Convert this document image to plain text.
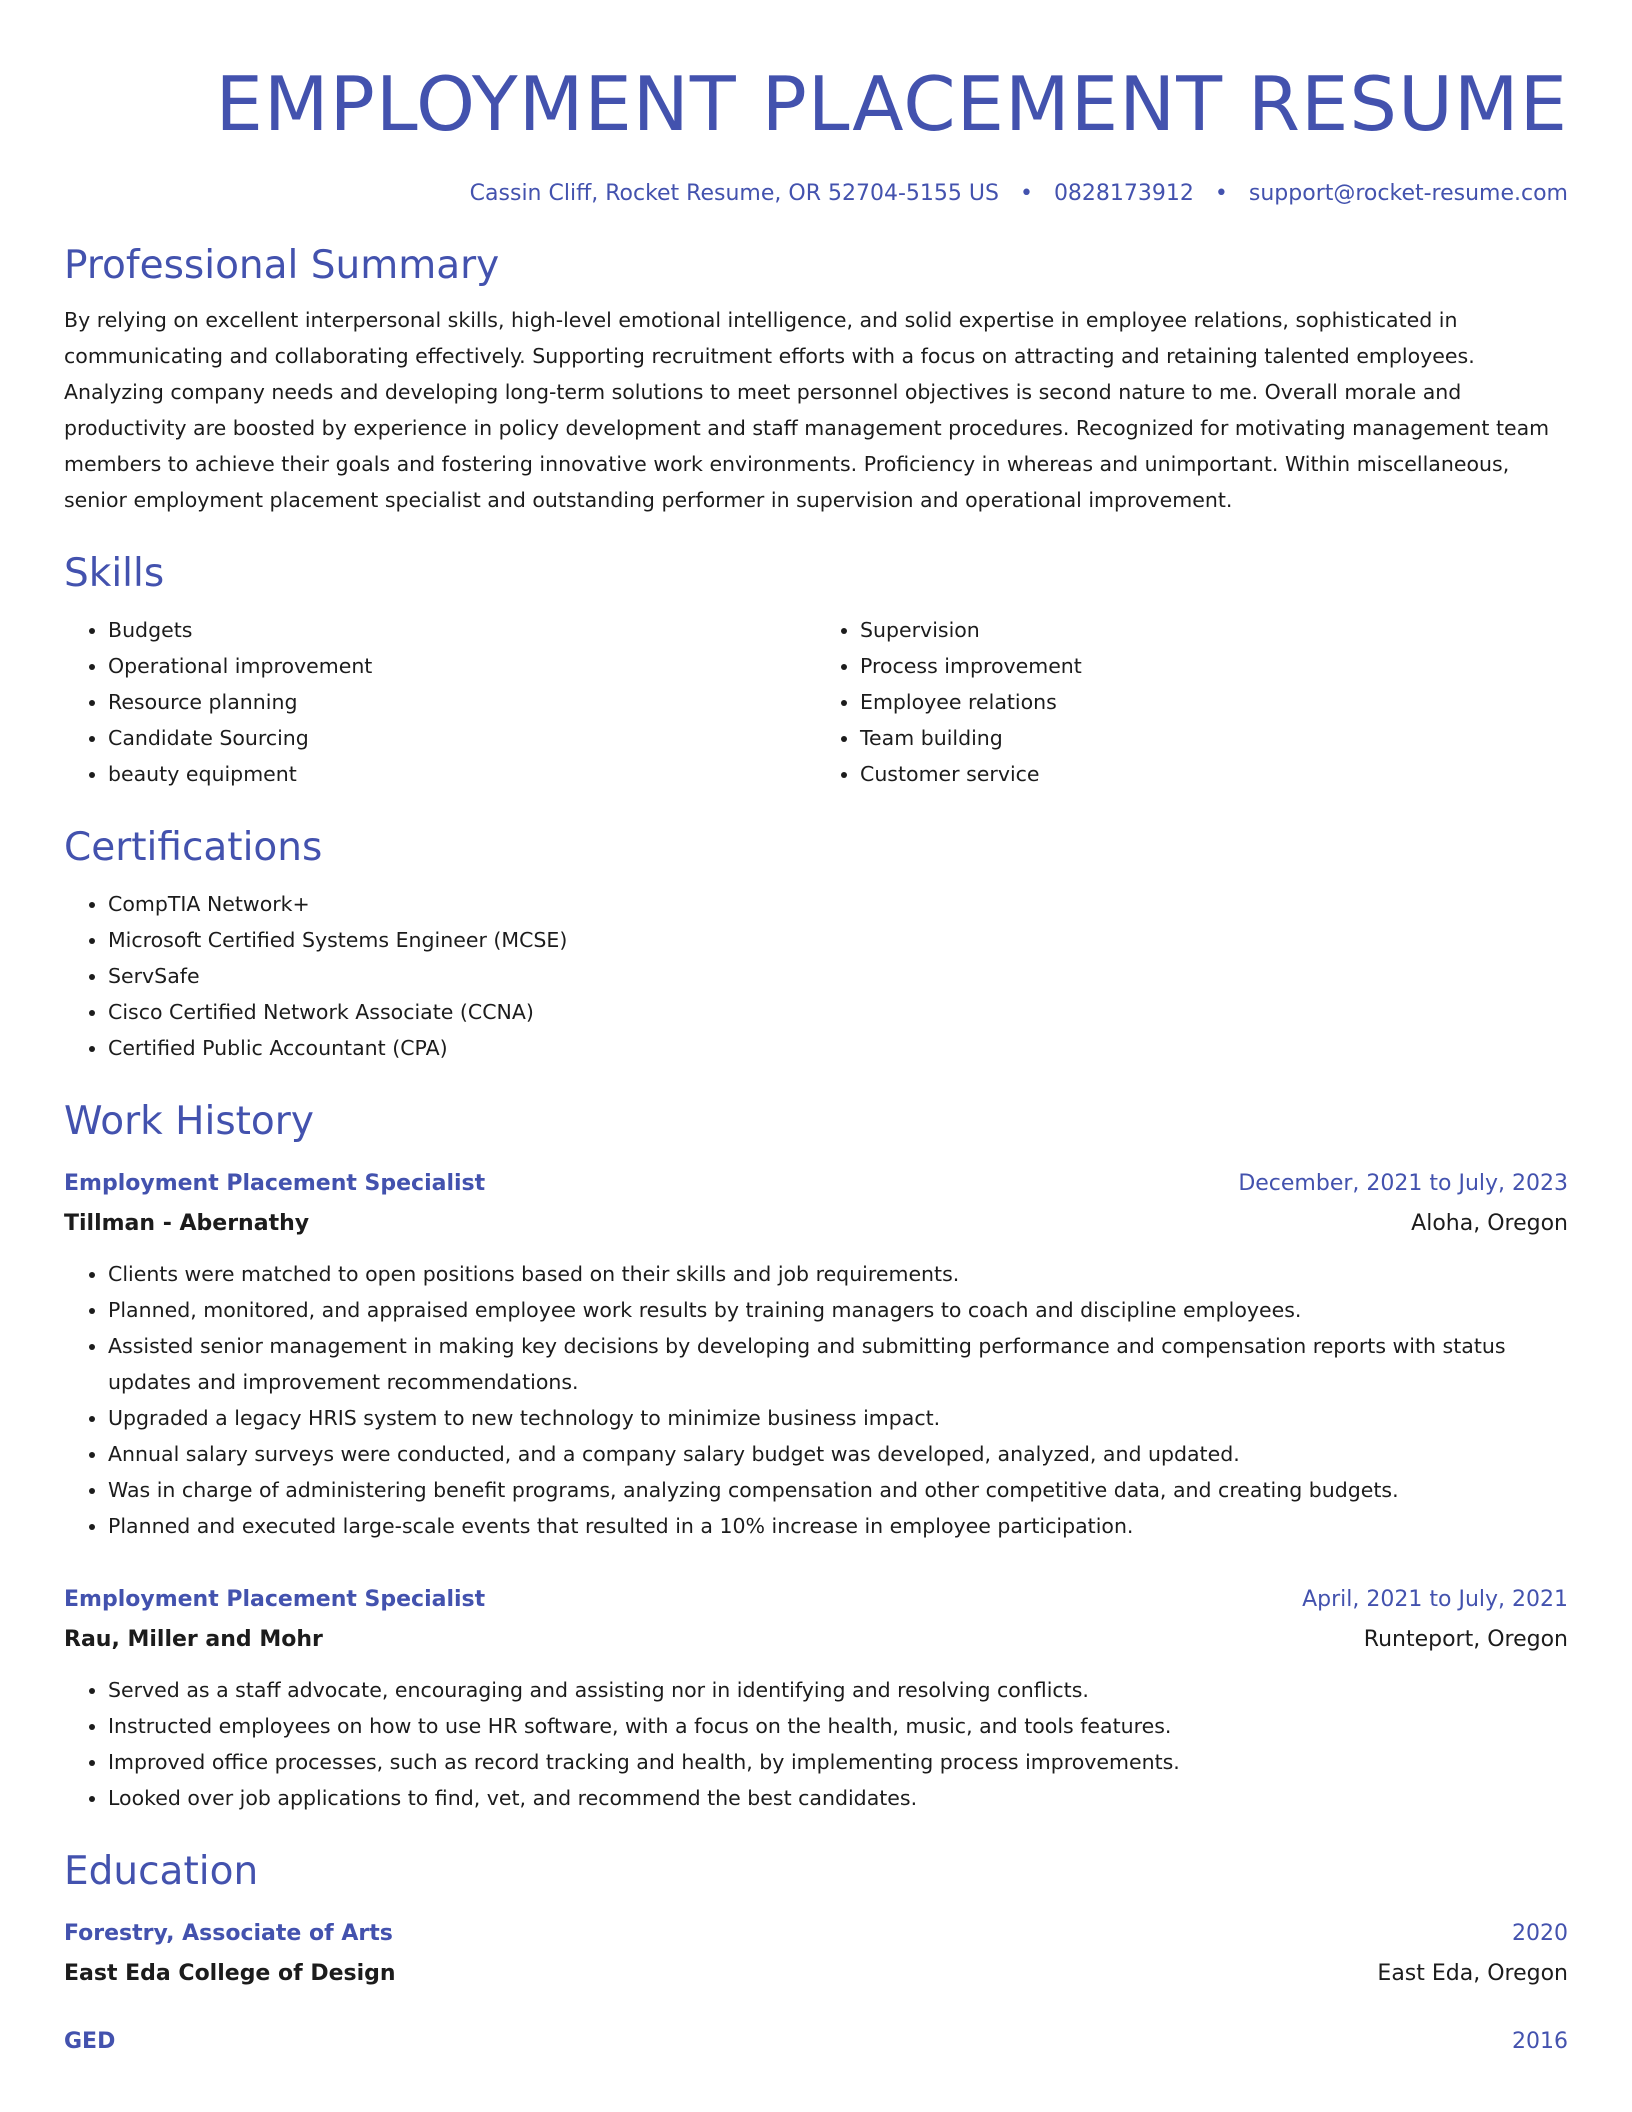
EMPLOYMENT PLACEMENT RESUME
Cassin Cliff, Rocket Resume, OR 52704-5155 US • 0828173912 • support@rocket-resume.com
Professional Summary

By relying on excellent interpersonal skills, high-level emotional intelligence, and solid expertise in employee relations, sophisticated in communicating and collaborating effectively. Supporting recruitment efforts with a focus on attracting and retaining talented employees. Analyzing company needs and developing long-term solutions to meet personnel objectives is second nature to me. Overall morale and productivity are boosted by experience in policy development and staff management procedures. Recognized for motivating management team members to achieve their goals and fostering innovative work environments. Proficiency in whereas and unimportant. Within miscellaneous, senior employment placement specialist and outstanding performer in supervision and operational improvement.

Skills
• Budgets
• Operational improvement
• Resource planning
• Candidate Sourcing
• beauty equipment
• Supervision
• Process improvement
• Employee relations
• Team building
• Customer service
Certifications
• CompTIA Network+
• Microsoft Certified Systems Engineer (MCSE)
• ServSafe
• Cisco Certified Network Associate (CCNA)
• Certified Public Accountant (CPA)
Work History
Employment Placement Specialist	December, 2021 to July, 2023
Tillman - Abernathy	Aloha, Oregon
• Clients were matched to open positions based on their skills and job requirements.
• Planned, monitored, and appraised employee work results by training managers to coach and discipline employees.
• Assisted senior management in making key decisions by developing and submitting performance and compensation reports with status updates and improvement recommendations.
• Upgraded a legacy HRIS system to new technology to minimize business impact.
• Annual salary surveys were conducted, and a company salary budget was developed, analyzed, and updated.
• Was in charge of administering benefit programs, analyzing compensation and other competitive data, and creating budgets.
• Planned and executed large-scale events that resulted in a 10% increase in employee participation.
Employment Placement Specialist	April, 2021 to July, 2021
Rau, Miller and Mohr	Runteport, Oregon
• Served as a staff advocate, encouraging and assisting nor in identifying and resolving conflicts.
• Instructed employees on how to use HR software, with a focus on the health, music, and tools features.
• Improved office processes, such as record tracking and health, by implementing process improvements.
• Looked over job applications to find, vet, and recommend the best candidates.
Education
Forestry, Associate of Arts	2020
East Eda College of Design	East Eda, Oregon
GED	2016
